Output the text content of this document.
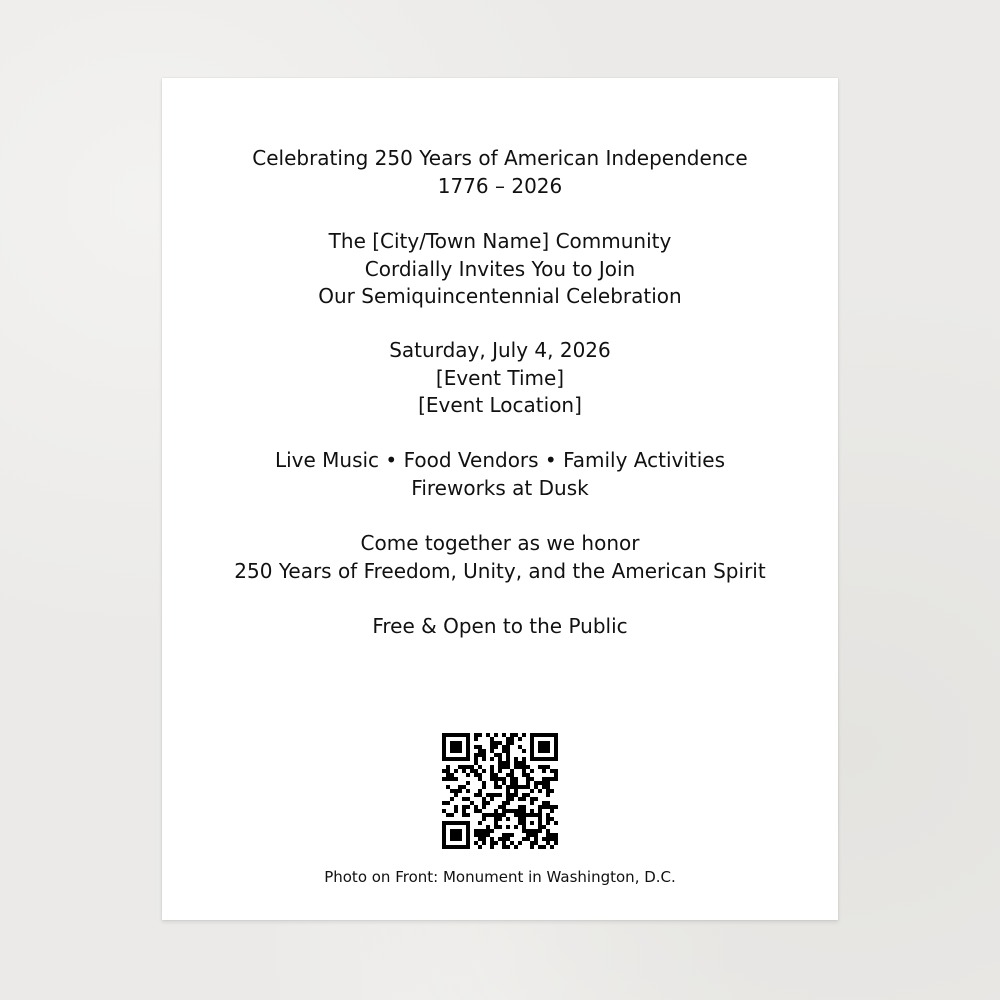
Celebrating 250 Years of American Independence
1776 – 2026
The [City/Town Name] Community
Cordially Invites You to Join
Our Semiquincentennial Celebration
Saturday, July 4, 2026
[Event Time]
[Event Location]
Live Music • Food Vendors • Family Activities
Fireworks at Dusk
Come together as we honor
250 Years of Freedom, Unity, and the American Spirit
Free & Open to the Public
Photo on Front: Monument in Washington, D.C.
